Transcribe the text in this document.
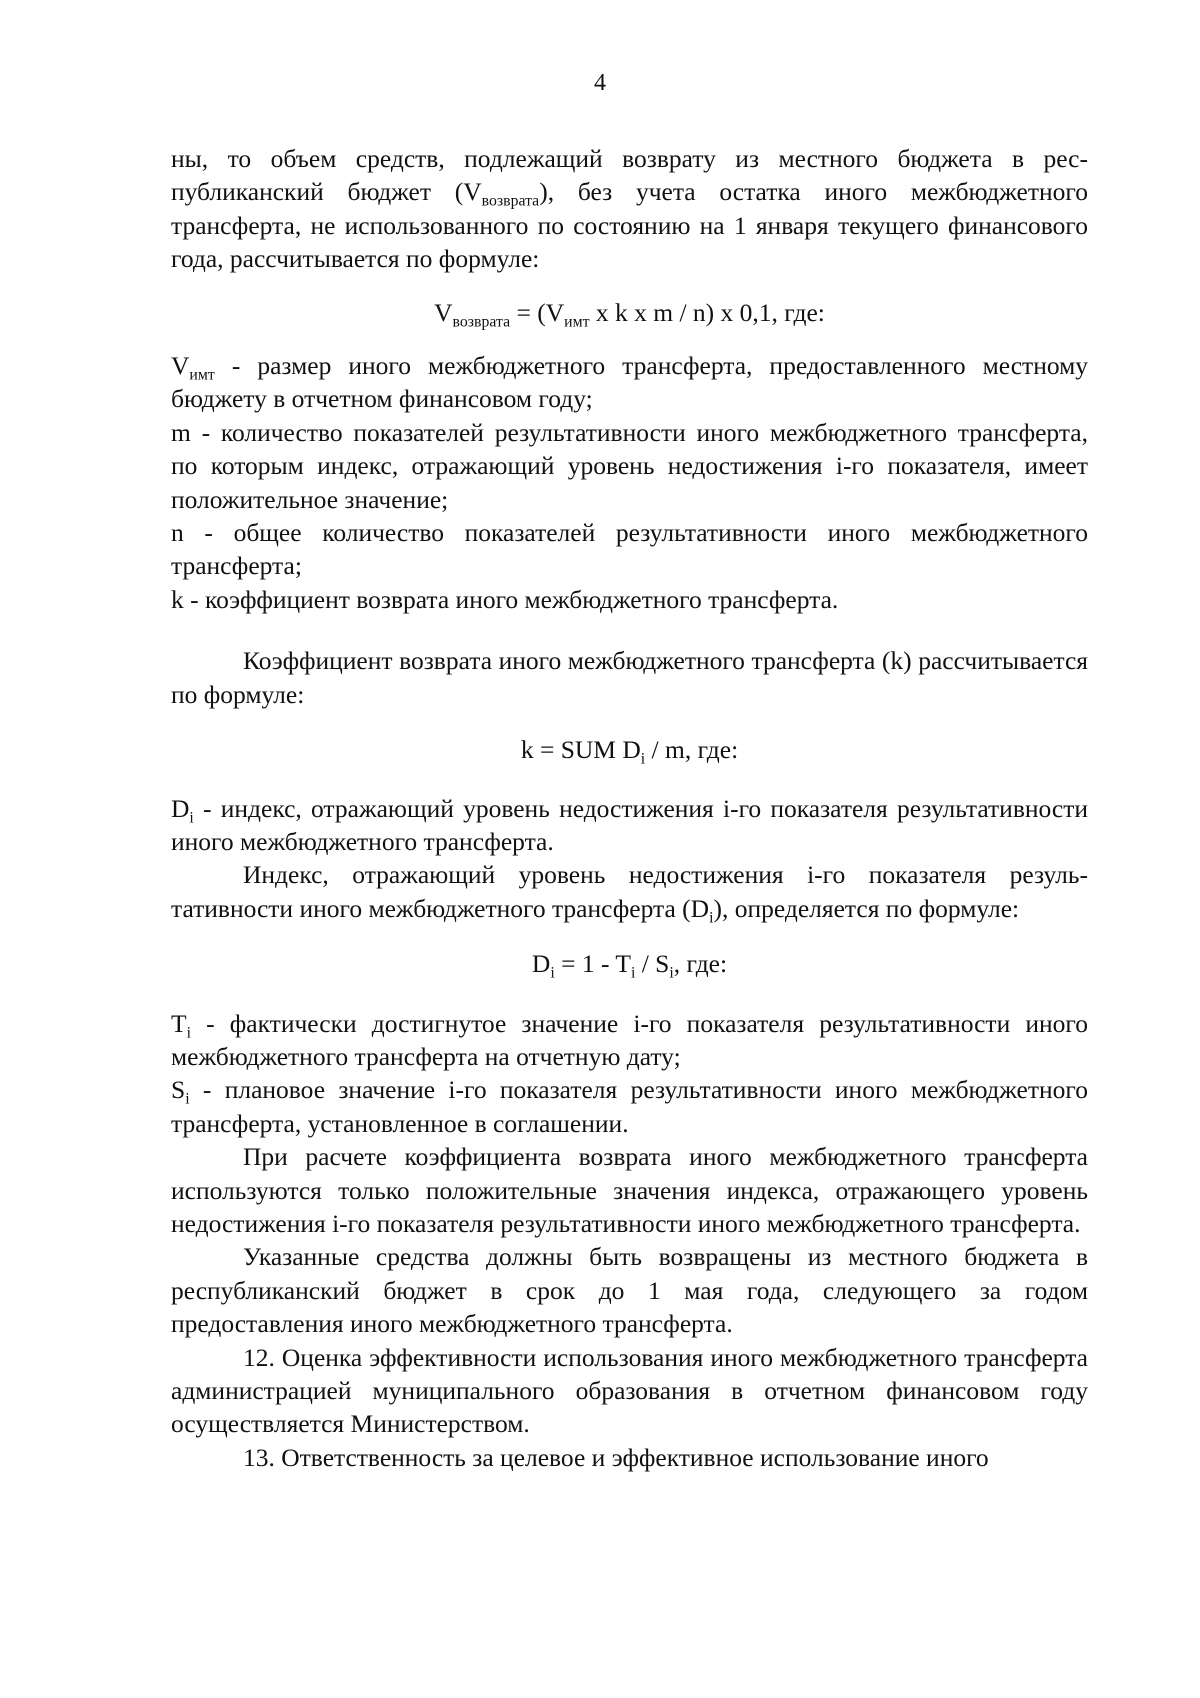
4

ны, то объем средств, подлежащий возврату из местного бюджета в республиканский бюджет $(V_{возврата})$, без учета остатка иного межбюджетного трансферта, не использованного по состоянию на 1 января текущего финансового года, рассчитывается по формуле:

$V_{возврата} = (V_{имт}$ x k x m / n) x 0,1, где:

$V_{имт}$ - размер иного межбюджетного трансферта, предоставленного местному бюджету в отчетном финансовом году;

m - количество показателей результативности иного межбюджетного трансферта, по которым индекс, отражающий уровень недостижения i-го показателя, имеет положительное значение;

n - общее количество показателей результативности иного межбюджетного трансферта;

k - коэффициент возврата иного межбюджетного трансферта.

Коэффициент возврата иного межбюджетного трансферта (k) рассчитывается по формуле:

k = SUM $D_i$ / m, где:

$D_i$ - индекс, отражающий уровень недостижения i-го показателя результативности иного межбюджетного трансферта.

Индекс, отражающий уровень недостижения i-го показателя результативности иного межбюджетного трансферта $(D_i)$, определяется по формуле:

$D_i = 1 - T_i / S_i$, где:

$T_i$ - фактически достигнутое значение i-го показателя результативности иного межбюджетного трансферта на отчетную дату;

$S_i$ - плановое значение i-го показателя результативности иного межбюджетного трансферта, установленное в соглашении.

При расчете коэффициента возврата иного межбюджетного трансферта используются только положительные значения индекса, отражающего уровень недостижения i-го показателя результативности иного межбюджетного трансферта.

Указанные средства должны быть возвращены из местного бюджета в республиканский бюджет в срок до 1 мая года, следующего за годом предоставления иного межбюджетного трансферта.

12. Оценка эффективности использования иного межбюджетного трансферта администрацией муниципального образования в отчетном финансовом году осуществляется Министерством.

13. Ответственность за целевое и эффективное использование иного
